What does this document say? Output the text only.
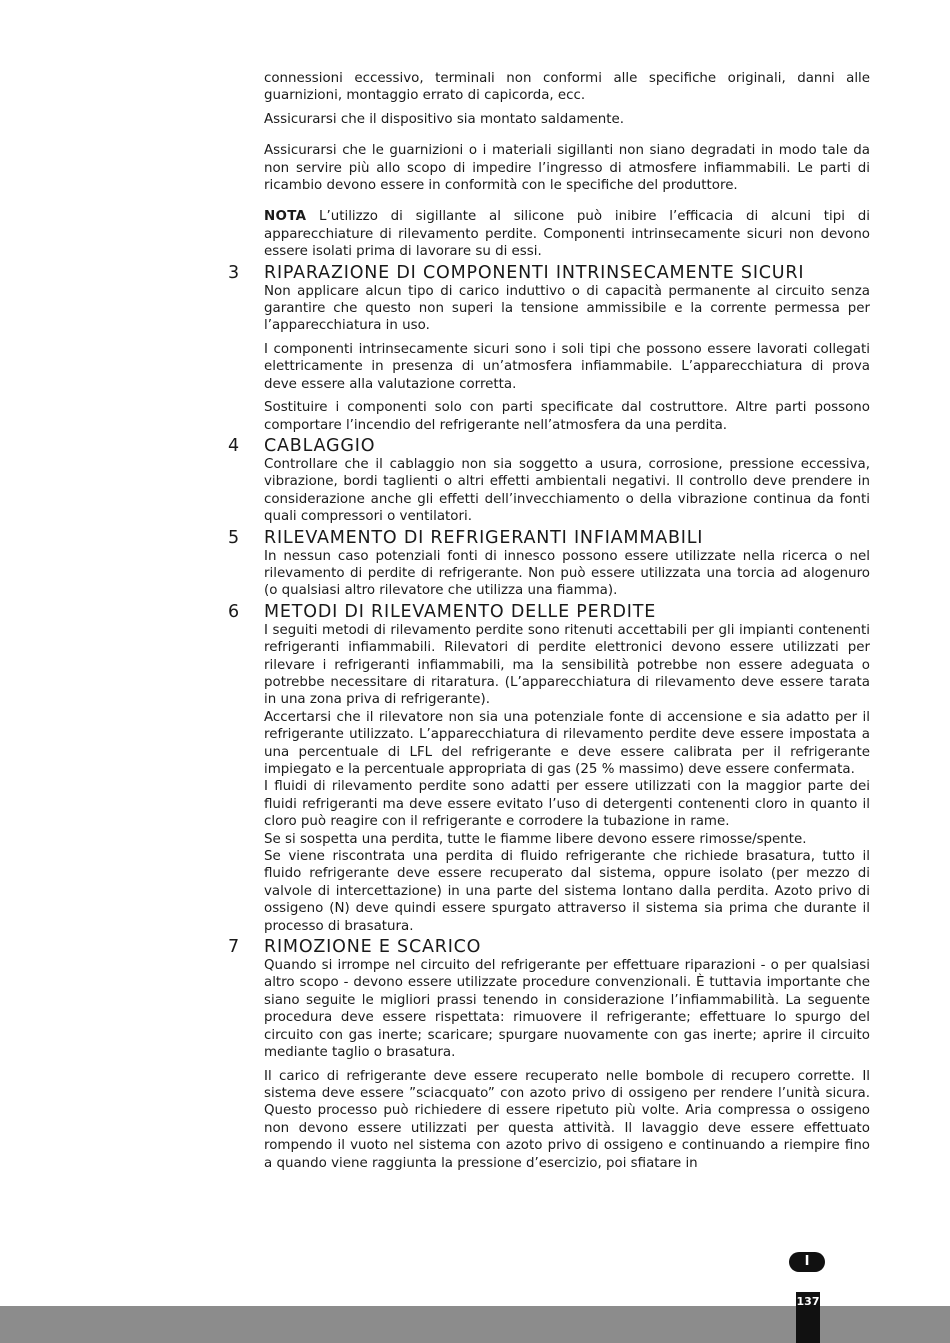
connessioni eccessivo, terminali non conformi alle specifiche originali, danni alle guarnizioni, montaggio errato di capicorda, ecc.

Assicurarsi che il dispositivo sia montato saldamente.

Assicurarsi che le guarnizioni o i materiali sigillanti non siano degradati in modo tale da non servire più allo scopo di impedire l’ingresso di atmosfere infiammabili. Le parti di ricambio devono essere in conformità con le specifiche del produttore.

NOTA L’utilizzo di sigillante al silicone può inibire l’efficacia di alcuni tipi di apparecchiature di rilevamento perdite. Componenti intrinsecamente sicuri non devono essere isolati prima di lavorare su di essi.

3	RIPARAZIONE DI COMPONENTI INTRINSECAMENTE SICURI

Non applicare alcun tipo di carico induttivo o di capacità permanente al circuito senza garantire che questo non superi la tensione ammissibile e la corrente permessa per l’apparecchiatura in uso.

I componenti intrinsecamente sicuri sono i soli tipi che possono essere lavorati collegati elettricamente in presenza di un’atmosfera infiammabile. L’apparecchiatura di prova deve essere alla valutazione corretta.

Sostituire i componenti solo con parti specificate dal costruttore. Altre parti possono comportare l’incendio del refrigerante nell’atmosfera da una perdita.

4	CABLAGGIO

Controllare che il cablaggio non sia soggetto a usura, corrosione, pressione eccessiva, vibrazione, bordi taglienti o altri effetti ambientali negativi. Il controllo deve prendere in considerazione anche gli effetti dell’invecchiamento o della vibrazione continua da fonti quali compressori o ventilatori.

5	RILEVAMENTO DI REFRIGERANTI INFIAMMABILI

In nessun caso potenziali fonti di innesco possono essere utilizzate nella ricerca o nel rilevamento di perdite di refrigerante. Non può essere utilizzata una torcia ad alogenuro (o qualsiasi altro rilevatore che utilizza una fiamma).

6	METODI DI RILEVAMENTO DELLE PERDITE

I seguiti metodi di rilevamento perdite sono ritenuti accettabili per gli impianti contenenti refrigeranti infiammabili. Rilevatori di perdite elettronici devono essere utilizzati per rilevare i refrigeranti infiammabili, ma la sensibilità potrebbe non essere adeguata o potrebbe necessitare di ritaratura. (L’apparecchiatura di rilevamento deve essere tarata in una zona priva di refrigerante).

Accertarsi che il rilevatore non sia una potenziale fonte di accensione e sia adatto per il refrigerante utilizzato. L’apparecchiatura di rilevamento perdite deve essere impostata a una percentuale di LFL del refrigerante e deve essere calibrata per il refrigerante impiegato e la percentuale appropriata di gas (25 % massimo) deve essere confermata.

I fluidi di rilevamento perdite sono adatti per essere utilizzati con la maggior parte dei fluidi refrigeranti ma deve essere evitato l’uso di detergenti contenenti cloro in quanto il cloro può reagire con il refrigerante e corrodere la tubazione in rame.

Se si sospetta una perdita, tutte le fiamme libere devono essere rimosse/spente.

Se viene riscontrata una perdita di fluido refrigerante che richiede brasatura, tutto il fluido refrigerante deve essere recuperato dal sistema, oppure isolato (per mezzo di valvole di intercettazione) in una parte del sistema lontano dalla perdita. Azoto privo di ossigeno (N) deve quindi essere spurgato attraverso il sistema sia prima che durante il processo di brasatura.

7	RIMOZIONE E SCARICO

Quando si irrompe nel circuito del refrigerante per effettuare riparazioni - o per qualsiasi altro scopo - devono essere utilizzate procedure convenzionali. È tuttavia importante che siano seguite le migliori prassi tenendo in considerazione l’infiammabilità. La seguente procedura deve essere rispettata: rimuovere il refrigerante; effettuare lo spurgo del circuito con gas inerte; scaricare; spurgare nuovamente con gas inerte; aprire il circuito mediante taglio o brasatura.

Il carico di refrigerante deve essere recuperato nelle bombole di recupero corrette. Il sistema deve essere ”sciacquato” con azoto privo di ossigeno per rendere l’unità sicura. Questo processo può richiedere di essere ripetuto più volte. Aria compressa o ossigeno non devono essere utilizzati per questa attività. Il lavaggio deve essere effettuato rompendo il vuoto nel sistema con azoto privo di ossigeno e continuando a riempire fino a quando viene raggiunta la pressione d’esercizio, poi sfiatare in

I
137
